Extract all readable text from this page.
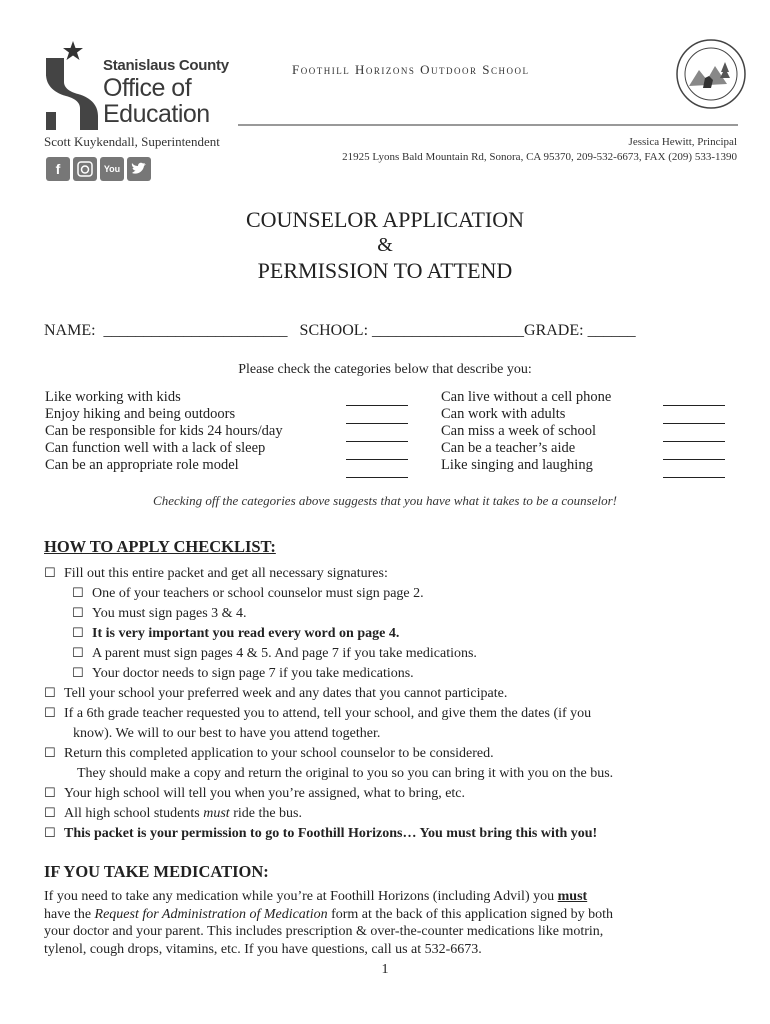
Stanislaus County
Office of
Education
Foothill Horizons Outdoor School
Scott Kuykendall, Superintendent	Jessica Hewitt, Principal
21925 Lyons Bald Mountain Rd, Sonora, CA 95370, 209-532-6673, FAX (209) 533-1390
f	You
COUNSELOR APPLICATION
&
PERMISSION TO ATTEND
NAME:  _______________________   SCHOOL: ___________________GRADE: ______
Please check the categories below that describe you:
Like working with kids
Enjoy hiking and being outdoors
Can be responsible for kids 24 hours/day
Can function well with a lack of sleep
Can be an appropriate role model
Can live without a cell phone
Can work with adults
Can miss a week of school
Can be a teacher’s aide
Like singing and laughing
Checking off the categories above suggests that you have what it takes to be a counselor!
HOW TO APPLY CHECKLIST:
☐ Fill out this entire packet and get all necessary signatures:
☐ One of your teachers or school counselor must sign page 2.
☐ You must sign pages 3 & 4.
☐ It is very important you read every word on page 4.
☐ A parent must sign pages 4 & 5. And page 7 if you take medications.
☐ Your doctor needs to sign page 7 if you take medications.
☐ Tell your school your preferred week and any dates that you cannot participate.
☐ If a 6th grade teacher requested you to attend, tell your school, and give them the dates (if you
know). We will to our best to have you attend together.
☐ Return this completed application to your school counselor to be considered.
They should make a copy and return the original to you so you can bring it with you on the bus.
☐ Your high school will tell you when you’re assigned, what to bring, etc.
☐ All high school students must ride the bus.
☐ This packet is your permission to go to Foothill Horizons… You must bring this with you!
IF YOU TAKE MEDICATION:
If you need to take any medication while you’re at Foothill Horizons (including Advil) you must
have the Request for Administration of Medication form at the back of this application signed by both
your doctor and your parent. This includes prescription & over-the-counter medications like motrin,
tylenol, cough drops, vitamins, etc. If you have questions, call us at 532-6673.
1
